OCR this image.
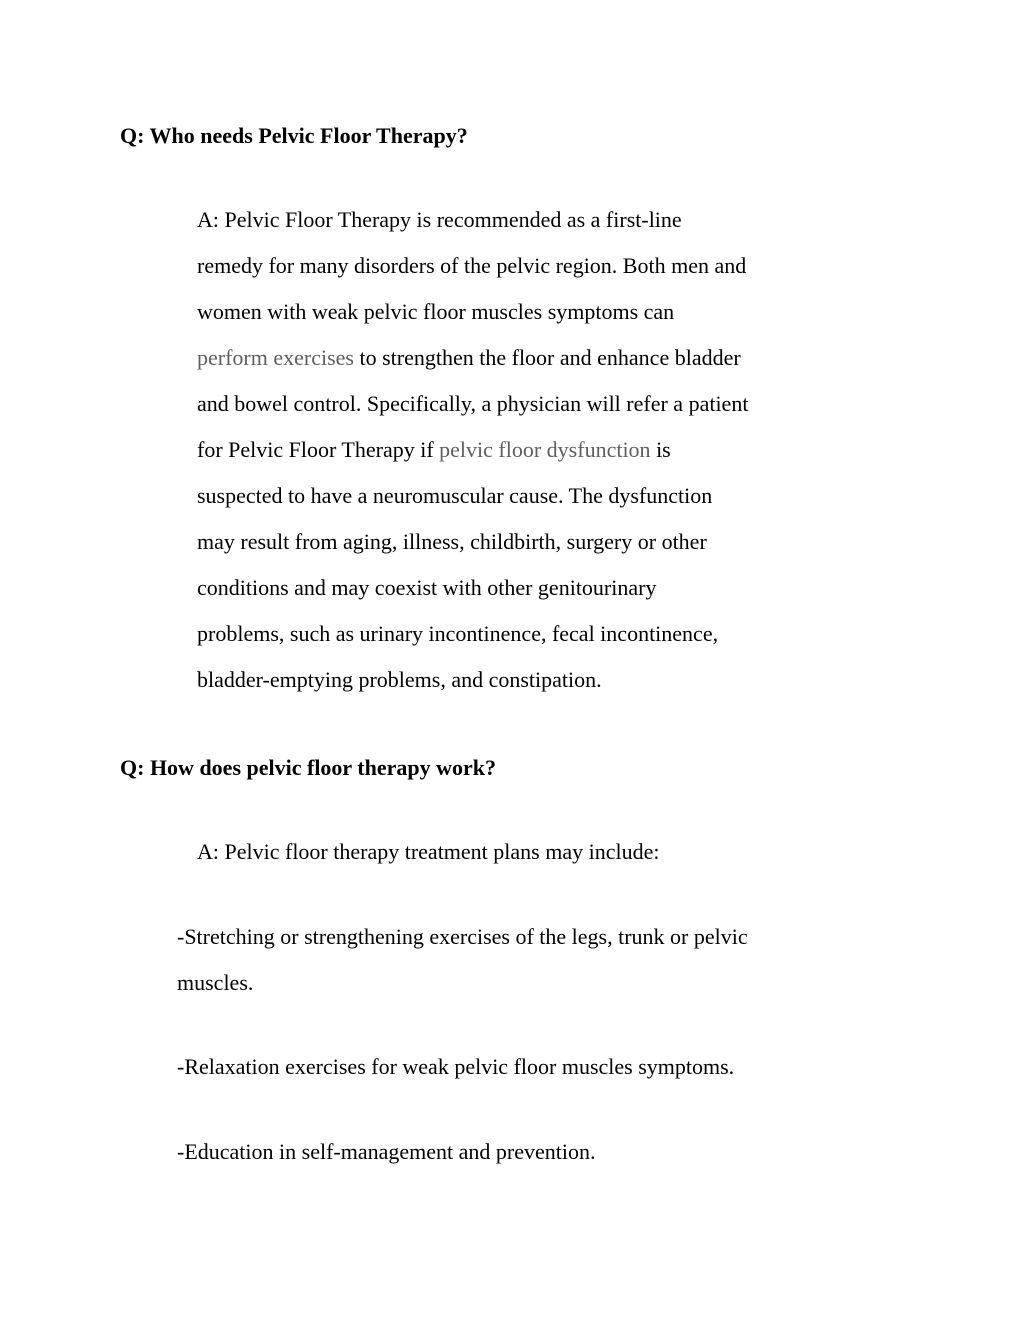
Q: Who needs Pelvic Floor Therapy?
A: Pelvic Floor Therapy is recommended as a first-line
remedy for many disorders of the pelvic region. Both men and
women with weak pelvic floor muscles symptoms can
perform exercises to strengthen the floor and enhance bladder
and bowel control. Specifically, a physician will refer a patient
for Pelvic Floor Therapy if pelvic floor dysfunction is
suspected to have a neuromuscular cause. The dysfunction
may result from aging, illness, childbirth, surgery or other
conditions and may coexist with other genitourinary
problems, such as urinary incontinence, fecal incontinence,
bladder-emptying problems, and constipation.
Q: How does pelvic floor therapy work?
A: Pelvic floor therapy treatment plans may include:
-Stretching or strengthening exercises of the legs, trunk or pelvic
muscles.
-Relaxation exercises for weak pelvic floor muscles symptoms.
-Education in self-management and prevention.
